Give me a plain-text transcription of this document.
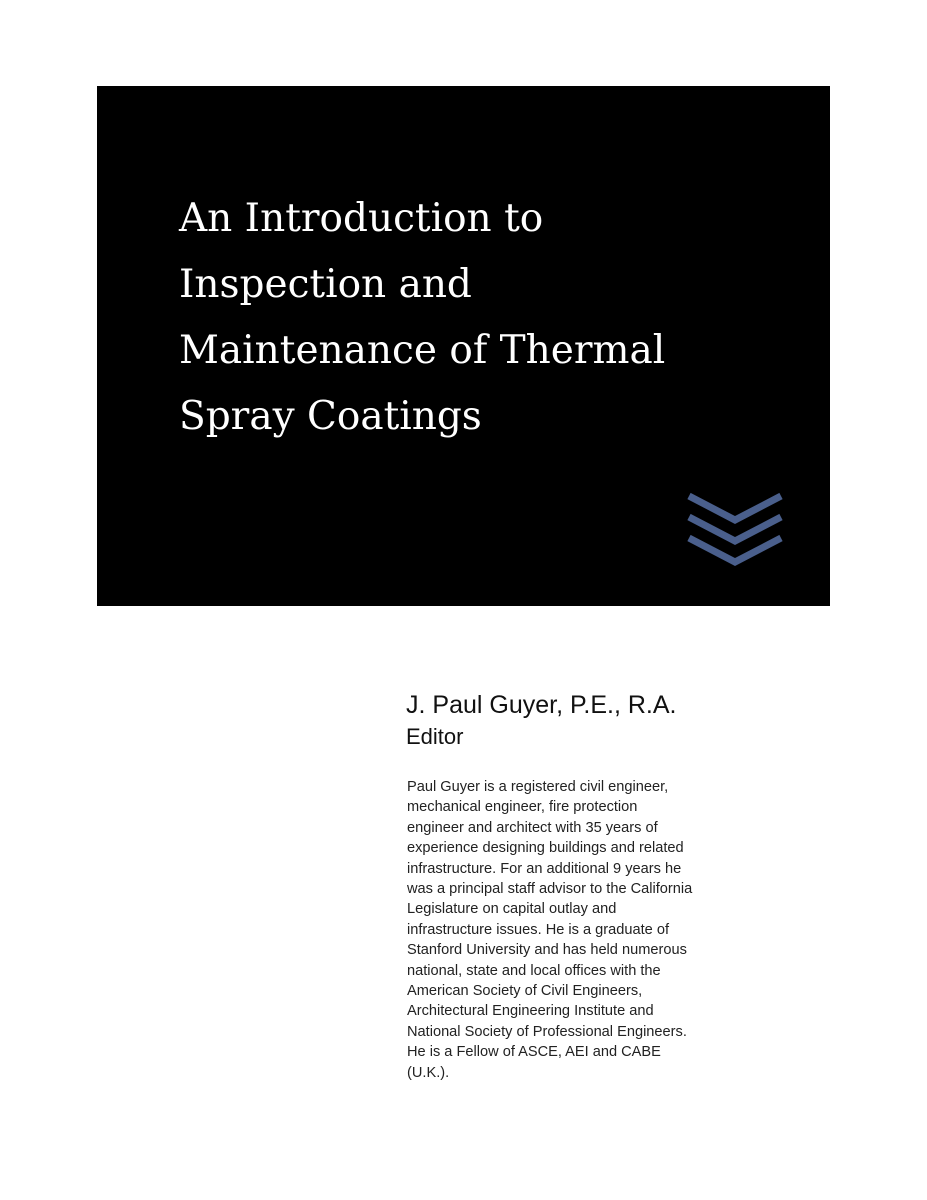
An Introduction to
Inspection and
Maintenance of Thermal
Spray Coatings

J. Paul Guyer, P.E., R.A.

Editor

Paul Guyer is a registered civil engineer,
mechanical engineer, fire protection
engineer and architect with 35 years of
experience designing buildings and related
infrastructure. For an additional 9 years he
was a principal staff advisor to the California
Legislature on capital outlay and
infrastructure issues. He is a graduate of
Stanford University and has held numerous
national, state and local offices with the
American Society of Civil Engineers,
Architectural Engineering Institute and
National Society of Professional Engineers.
He is a Fellow of ASCE, AEI and CABE
(U.K.).
